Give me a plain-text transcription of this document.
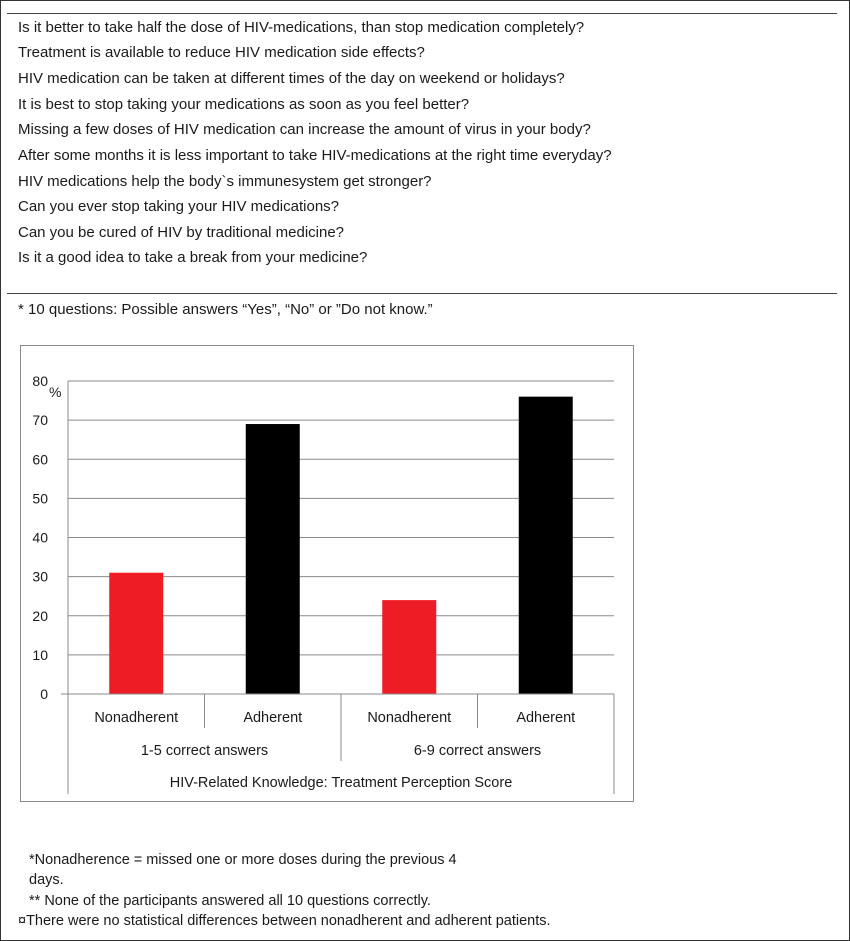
Is it better to take half the dose of HIV-medications, than stop medication completely?
Treatment is available to reduce HIV medication side effects?
HIV medication can be taken at different times of the day on weekend or holidays?
It is best to stop taking your medications as soon as you feel better?
Missing a few doses of HIV medication can increase the amount of virus in your body?
After some months it is less important to take HIV-medications at the right time everyday?
HIV medications help the body`s immunesystem get stronger?
Can you ever stop taking your HIV medications?
Can you be cured of HIV by traditional medicine?
Is it a good idea to take a break from your medicine?
* 10 questions: Possible answers “Yes”, “No” or ”Do not know.”
0
10
20
30
40
50
60
70
80
%
Nonadherent	Adherent	Nonadherent	Adherent
1-5 correct answers	6-9 correct answers
HIV-Related Knowledge: Treatment Perception Score
*Nonadherence = missed one or more doses during the previous 4
days.
** None of the participants answered all 10 questions correctly.
¤There were no statistical differences between nonadherent and adherent patients.
